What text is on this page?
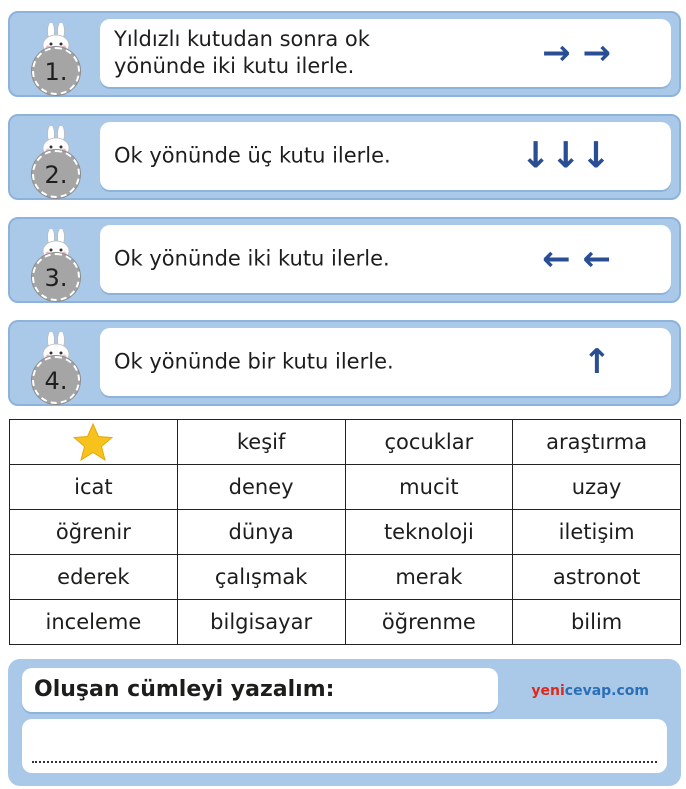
1.
Yıldızlı kutudan sonra ok yönünde iki kutu ilerle.	→ →
2.
Ok yönünde üç kutu ilerle.	↓↓↓
3.
Ok yönünde iki kutu ilerle.	← ←
4.
Ok yönünde bir kutu ilerle.	↑
	keşif	çocuklar	araştırma
icat	deney	mucit	uzay
öğrenir	dünya	teknoloji	iletişim
ederek	çalışmak	merak	astronot
inceleme	bilgisayar	öğrenme	bilim
Oluşan cümleyi yazalım:	yenicevap.com
